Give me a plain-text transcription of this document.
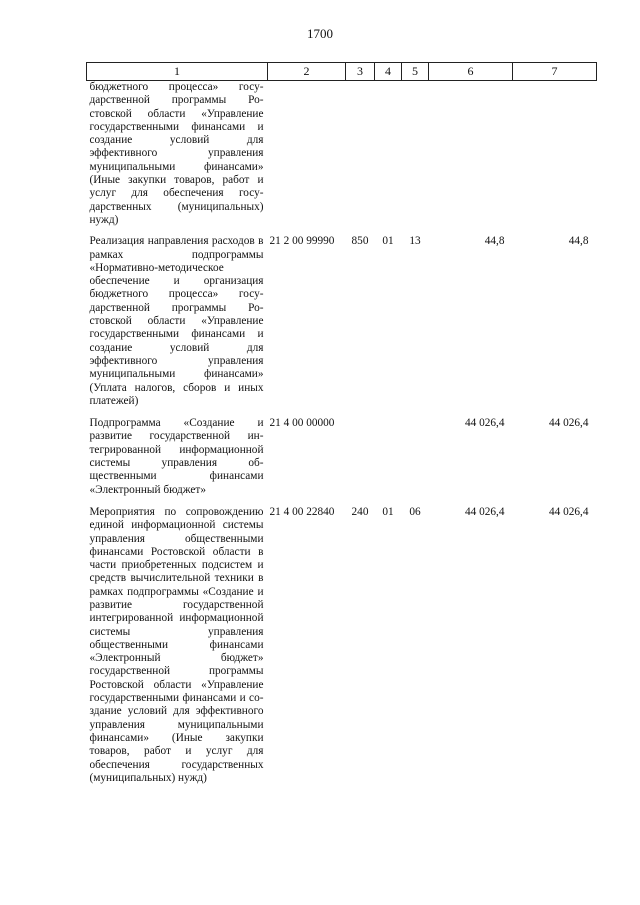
1700
1	2	3	4	5	6	7
бюджетного процесса» государственной программы Ростовской области «Управление государственными финансами и создание условий для эффективного управления муниципальными финансами» (Иные закупки товаров, работ и услуг для обеспечения государственных (муниципальных) нужд)						
Реализация направления расходов в рамках подпрограммы «Нормативно-методическое обеспечение и организация бюджетного процесса» государственной программы Ростовской области «Управление государственными финансами и создание условий для эффективного управления муниципальными финансами» (Уплата налогов, сборов и иных платежей)	21 2 00 99990	850	01	13	44,8	44,8
Подпрограмма «Создание и развитие государственной интегрированной информационной системы управления общественными финансами «Электронный бюджет»	21 4 00 00000				44 026,4	44 026,4
Мероприятия по сопровождению единой информационной системы управления общественными финансами Ростовской области в части приобретенных подсистем и средств вычислительной техники в рамках подпрограммы «Создание и развитие государственной интегрированной информационной системы управления общественными финансами «Электронный бюджет» государственной программы Ростовской области «Управление государственными финансами и создание условий для эффективного управления муниципальными финансами» (Иные закупки товаров, работ и услуг для обеспечения государственных (муниципальных) нужд)	21 4 00 22840	240	01	06	44 026,4	44 026,4
